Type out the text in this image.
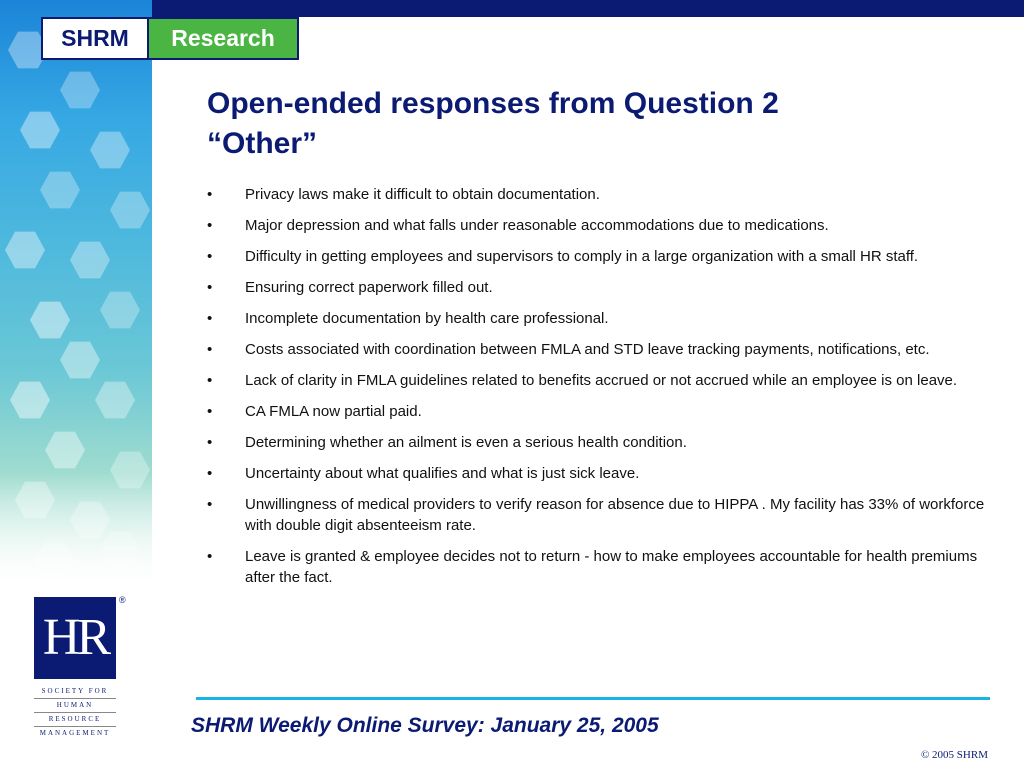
SHRM	Research
Open-ended responses from Question 2
“Other”
• Privacy laws make it difficult to obtain documentation.
• Major depression and what falls under reasonable accommodations due to medications.
• Difficulty in getting employees and supervisors to comply in a large organization with a small HR staff.
• Ensuring correct paperwork filled out.
• Incomplete documentation by health care professional.
• Costs associated with coordination between FMLA and STD leave tracking payments, notifications, etc.
• Lack of clarity in FMLA guidelines related to benefits accrued or not accrued while an employee is on leave.
• CA FMLA now partial paid.
• Determining whether an ailment is even a serious health condition.
• Uncertainty about what qualifies and what is just sick leave.
• Unwillingness of medical providers to verify reason for absence due to HIPPA . My facility has 33% of workforce with double digit absenteeism rate.
• Leave is granted & employee decides not to return - how to make employees accountable for health premiums after the fact.
HR
®
SOCIETY FOR
HUMAN
RESOURCE
MANAGEMENT	SHRM Weekly Online Survey: January 25, 2005
© 2005 SHRM
